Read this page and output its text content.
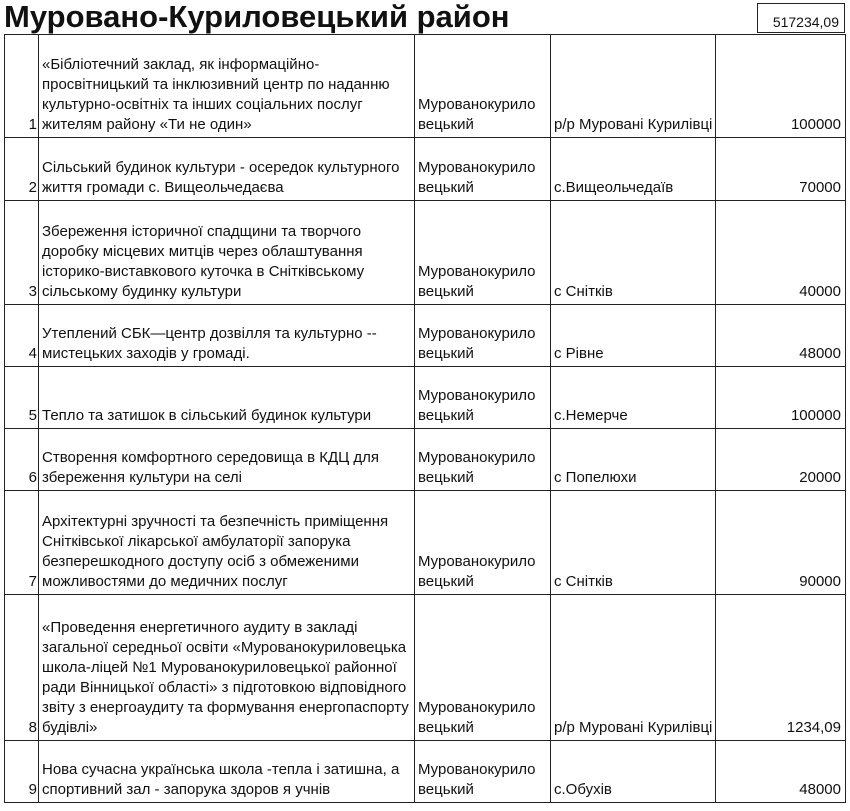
Мурoвано-Куриловецький район	517234,09
1	«Бібліотечний заклад, як інформаційно-просвітницький та інклюзивний центр по наданню культурно-освітніх та інших соціальних послуг жителям району «Ти не один»	Мурованокурило вецький	р/р Мурoвані Курилівці	100000
2	Сільський будинок культури - осередок культурного життя громади с. Вищеольчедаєва	Мурованокурило вецький	с.Вищеольчедаїв	70000
3	Збереження історичної спадщини та творчого доробку місцевих митців через облаштування історико-виставкового куточка в Снітківському сільському будинку культури	Мурованокурило вецький	с Снітків	40000
4	Утеплений СБК—центр дозвілля та культурно -- мистецьких заходів у громаді.	Мурованокурило вецький	с Рівне	48000
5	Тепло та затишок в сільський будинок культури	Мурованокурило вецький	с.Немерче	100000
6	Створення комфортного середовища в КДЦ для збереження культури на селі	Мурованокурило вецький	с Попелюхи	20000
7	Архітектурні зручності та безпечність приміщення Снітківської лікарської амбулаторії запорука безперешкодного доступу осіб з обмеженими можливостями до медичних послуг	Мурованокурило вецький	с Снітків	90000
8	«Проведення енергетичного аудиту в закладі загальної середньої освіти «Мурованокуриловецька школа-ліцей №1 Мурованокуриловецької районної ради Вінницької області» з підготовкою відповідного звіту з енергоаудиту та формування енергопаспорту будівлі»	Мурованокурило вецький	р/р Мурoвані Курилівці	1234,09
9	Нова сучасна українська школа -тепла і затишна, а спортивний зал - запорука здоров я учнів	Мурованокурило вецький	с.Обухів	48000
